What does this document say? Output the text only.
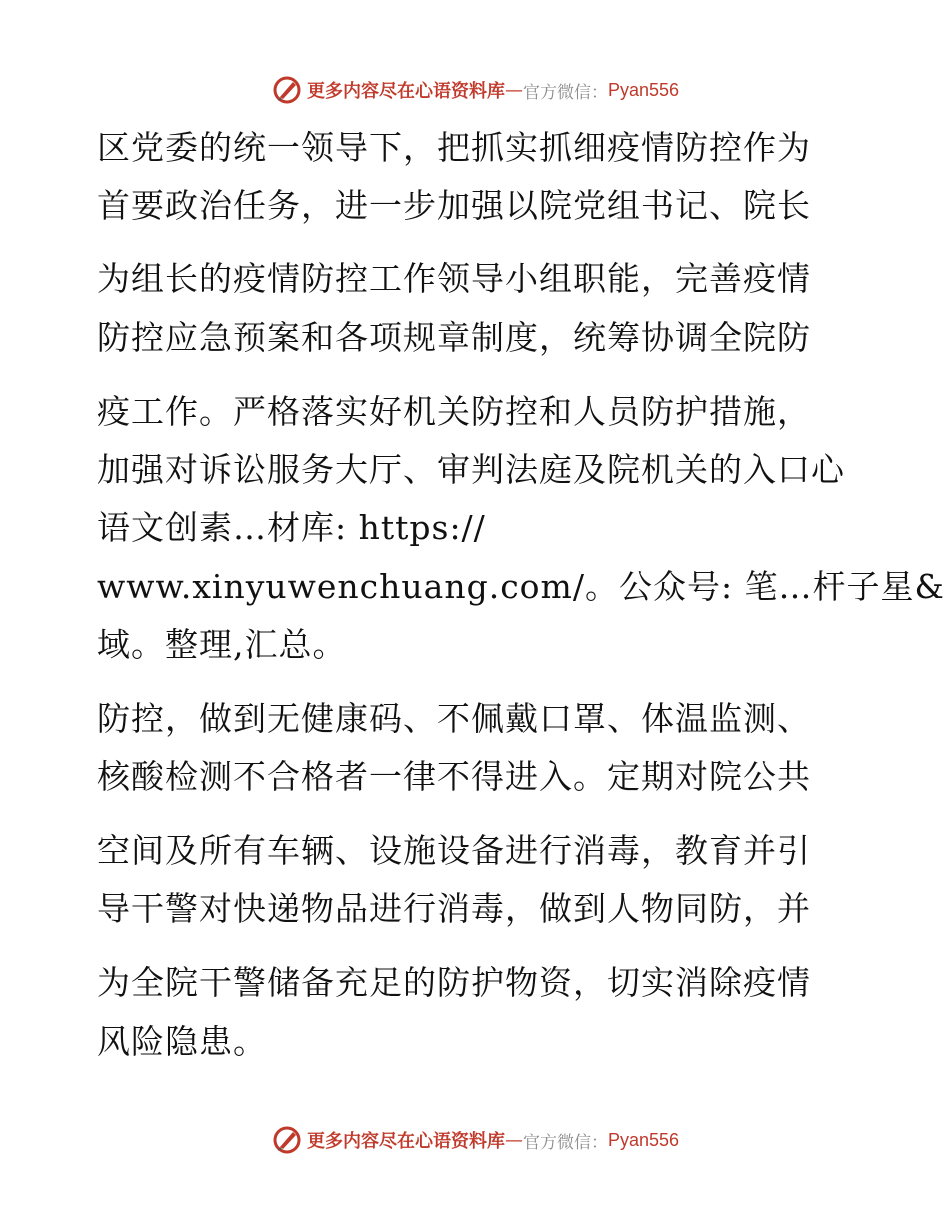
更多内容尽在心语资料库 — 官方微信： Pyan556
区党委的统一领导下，把抓实抓细疫情防控作为
首要政治任务，进一步加强以院党组书记、院长
为组长的疫情防控工作领导小组职能，完善疫情
防控应急预案和各项规章制度，统筹协调全院防
疫工作。严格落实好机关防控和人员防护措施，
加强对诉讼服务大厅、审判法庭及院机关的入口心
语文创素…材库: https://
www.xinyuwenchuang.com/。公众号: 笔…杆子星&
域。整理,汇总。
防控，做到无健康码、不佩戴口罩、体温监测、
核酸检测不合格者一律不得进入。定期对院公共
空间及所有车辆、设施设备进行消毒，教育并引
导干警对快递物品进行消毒，做到人物同防，并
为全院干警储备充足的防护物资，切实消除疫情
风险隐患。
更多内容尽在心语资料库 — 官方微信： Pyan556
